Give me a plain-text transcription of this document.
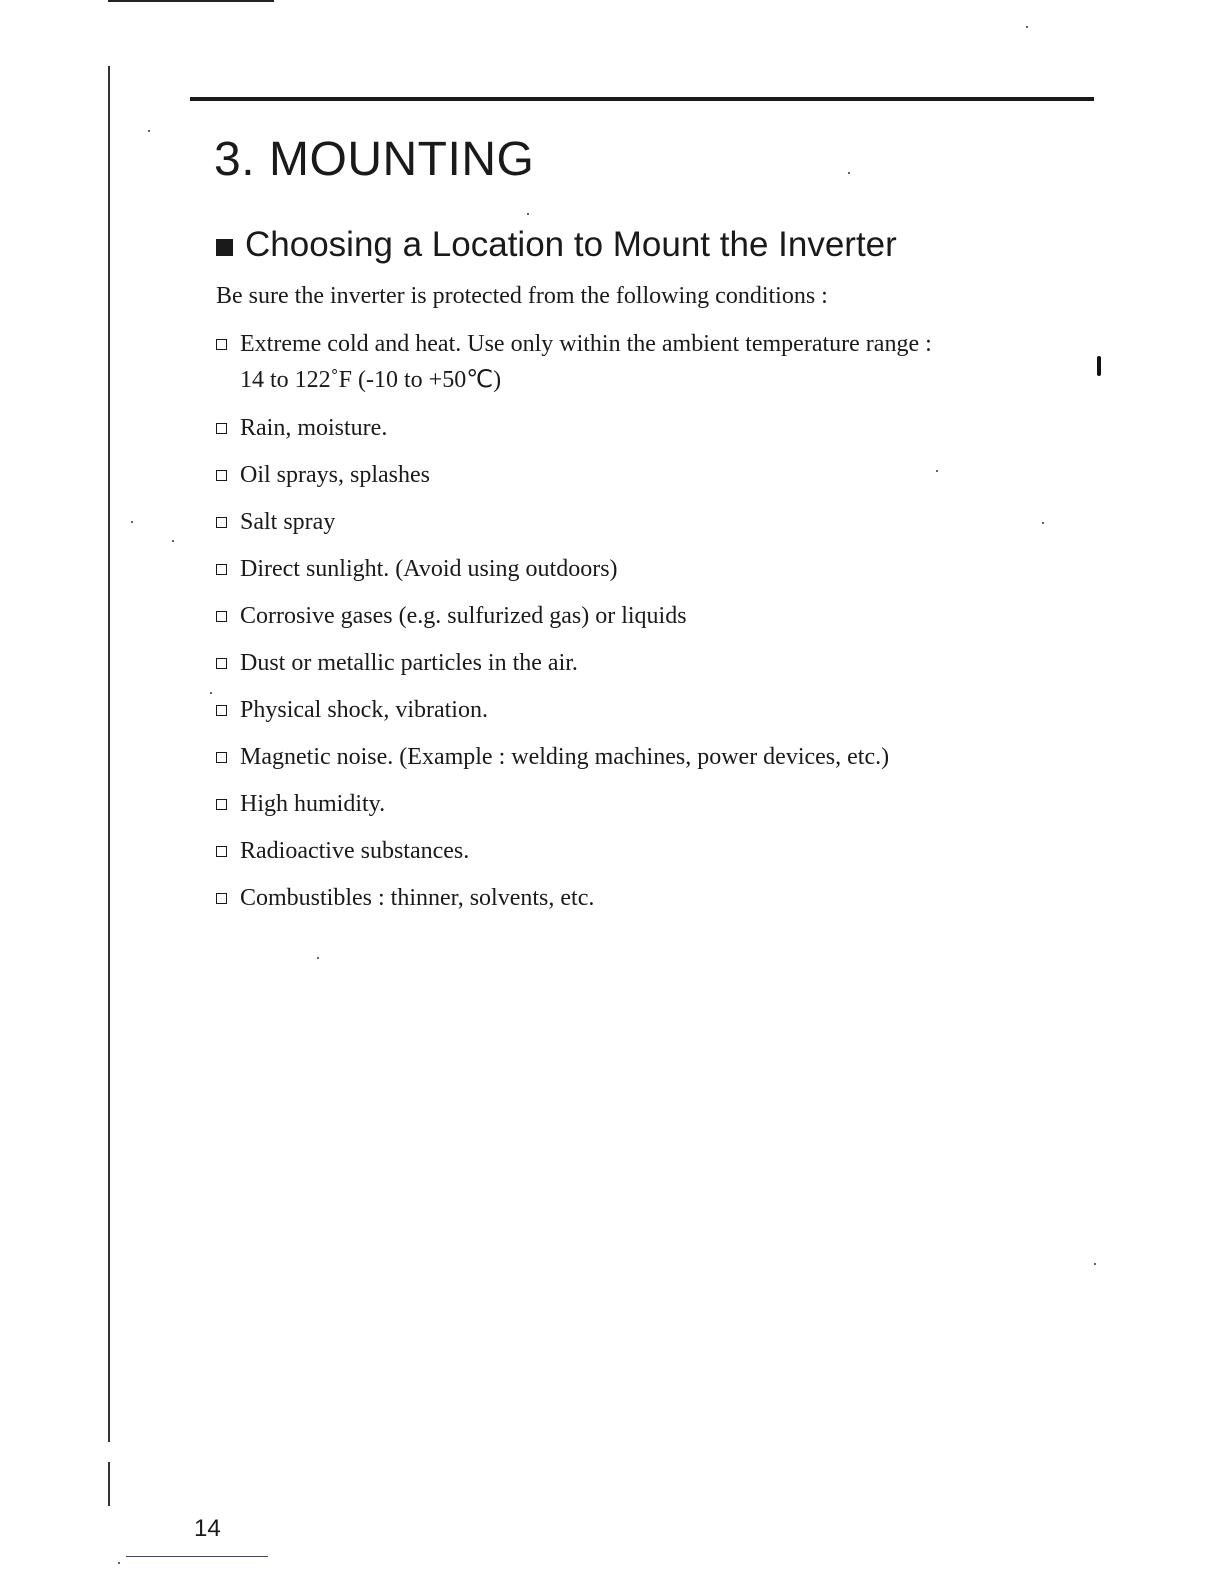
3. MOUNTING
Choosing a Location to Mount the Inverter

Be sure the inverter is protected from the following conditions :

Extreme cold and heat. Use only within the ambient temperature range :
14 to 122˚F (-10 to +50℃)
Rain, moisture.
Oil sprays, splashes
Salt spray
Direct sunlight. (Avoid using outdoors)
Corrosive gases (e.g. sulfurized gas) or liquids
Dust or metallic particles in the air.
Physical shock, vibration.
Magnetic noise. (Example : welding machines, power devices, etc.)
High humidity.
Radioactive substances.
Combustibles : thinner, solvents, etc.
14
